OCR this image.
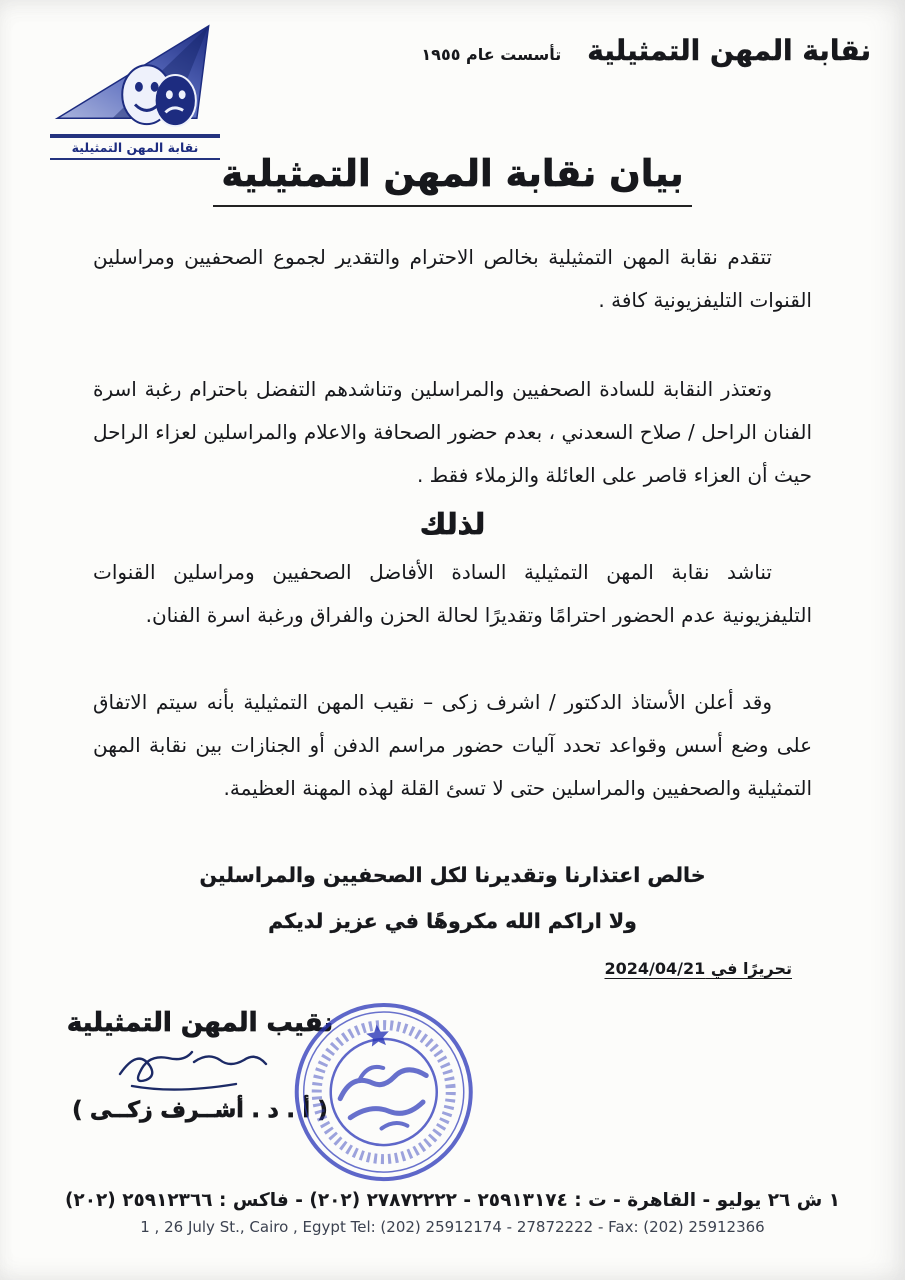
نقابة المهن التمثيلية
نقابة المهن التمثيلية
تأسست عام ١٩٥٥
بيان نقابة المهن التمثيلية

تتقدم نقابة المهن التمثيلية بخالص الاحترام والتقدير لجموع الصحفيين ومراسلين القنوات التليفزيونية كافة .

وتعتذر النقابة للسادة الصحفيين والمراسلين وتناشدهم التفضل باحترام رغبة اسرة الفنان الراحل / صلاح السعدني ، بعدم حضور الصحافة والاعلام والمراسلين لعزاء الراحل حيث أن العزاء قاصر على العائلة والزملاء فقط .

لذلك

تناشد نقابة المهن التمثيلية السادة الأفاضل الصحفيين ومراسلين القنوات التليفزيونية عدم الحضور احترامًا وتقديرًا لحالة الحزن والفراق ورغبة اسرة الفنان.

وقد أعلن الأستاذ الدكتور / اشرف زكى – نقيب المهن التمثيلية بأنه سيتم الاتفاق على وضع أسس وقواعد تحدد آليات حضور مراسم الدفن أو الجنازات بين نقابة المهن التمثيلية والصحفيين والمراسلين حتى لا تسئ القلة لهذه المهنة العظيمة.

خالص اعتذارنا وتقديرنا لكل الصحفيين والمراسلين
ولا اراكم الله مكروهًا في عزيز لديكم
تحريرًا في 2024/04/21
نقيب المهن التمثيلية
( أ . د . أشــرف زكــى )
١ ش ٢٦ يوليو - القاهرة - ت : ٢٥٩١٣١٧٤ - ٢٧٨٧٢٢٢٢ (٢٠٢) - فاكس : ٢٥٩١٢٣٦٦ (٢٠٢)
1 , 26 July St., Cairo , Egypt Tel: (202) 25912174 - 27872222 - Fax: (202) 25912366
